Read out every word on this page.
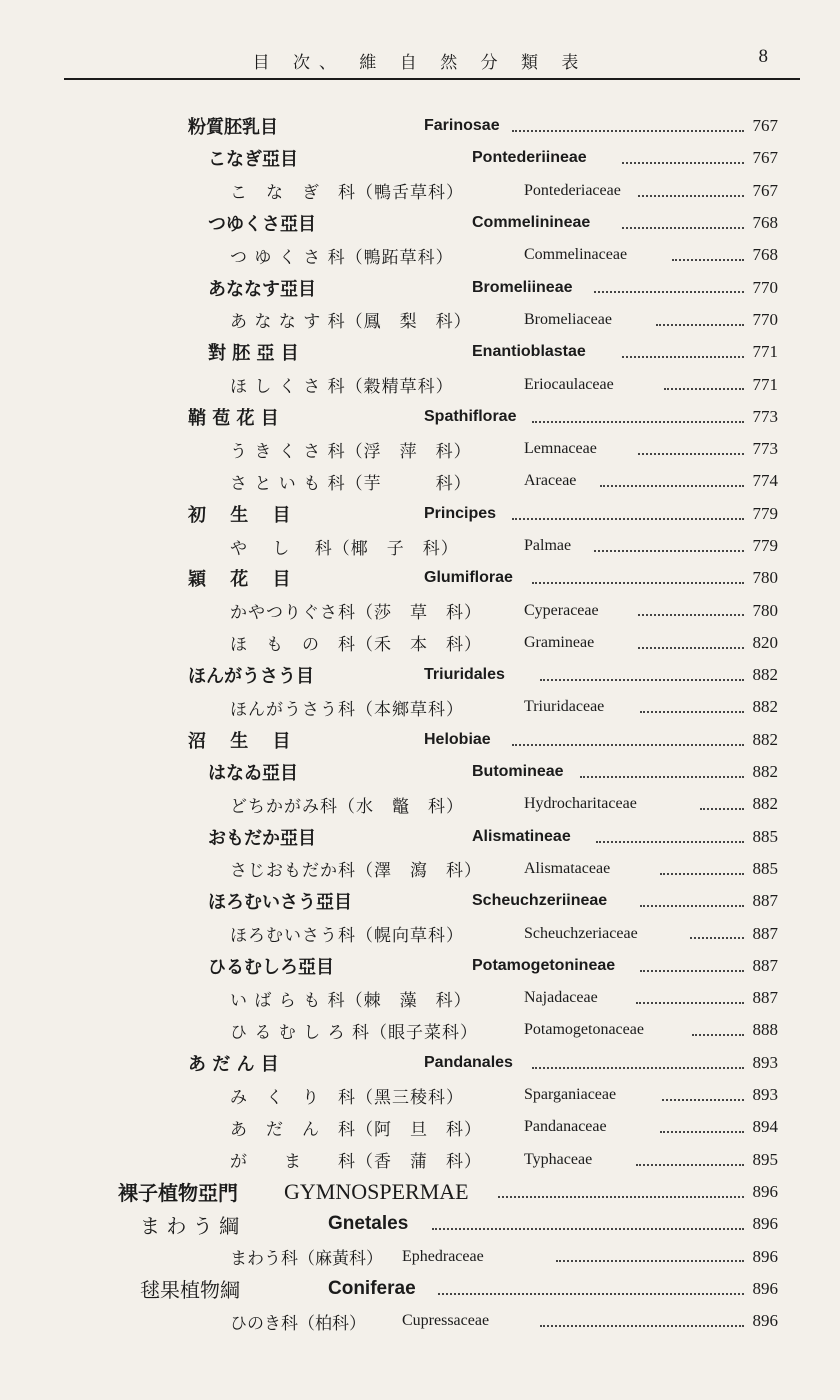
目 次、 維 自 然 分 類 表	8
粉質胚乳目	Farinosae	767
こなぎ亞目	Pontederiineae	767
こ　な　ぎ　科（鴨舌草科）	Pontederiaceae	767
つゆくさ亞目	Commelinineae	768
つ ゆ く さ 科（鴨跖草科）	Commelinaceae	768
あななす亞目	Bromeliineae	770
あ な な す 科（鳳　梨　科）	Bromeliaceae	770
對 胚 亞 目	Enantioblastae	771
ほ し く さ 科（穀精草科）	Eriocaulaceae	771
鞘 苞 花 目	Spathiflorae	773
う き く さ 科（浮　萍　科）	Lemnaceae	773
さ と い も 科（芋　　　科）	Araceae	774
初　 生　 目	Principes	779
や　 し　 科（椰　子　科）	Palmae	779
穎　 花　 目	Glumiflorae	780
かやつりぐさ科（莎　草　科）	Cyperaceae	780
ほ　も　の　科（禾　本　科）	Gramineae	820
ほんがうさう目	Triuridales	882
ほんがうさう科（本鄉草科）	Triuridaceae	882
沼　 生　 目	Helobiae	882
はなゐ亞目	Butomineae	882
どちかがみ科（水　鼈　科）	Hydrocharitaceae	882
おもだか亞目	Alismatineae	885
さじおもだか科（澤　瀉　科）	Alismataceae	885
ほろむいさう亞目	Scheuchzeriineae	887
ほろむいさう科（幌向草科）	Scheuchzeriaceae	887
ひるむしろ亞目	Potamogetonineae	887
い ば ら も 科（棘　藻　科）	Najadaceae	887
ひ る む し ろ 科（眼子菜科）	Potamogetonaceae	888
あ だ ん 目	Pandanales	893
み　く　り　科（黑三稜科）	Sparganiaceae	893
あ　だ　ん　科（阿　旦　科）	Pandanaceae	894
が　　ま　　科（香　蒲　科）	Typhaceae	895
裸子植物亞門 GYMNOSPERMAE	896
ま わ う 綱	Gnetales	896
まわう科（麻黃科） Ephedraceae	896
毬果植物綱	Coniferae	896
ひのき科（柏科） Cupressaceae	896
